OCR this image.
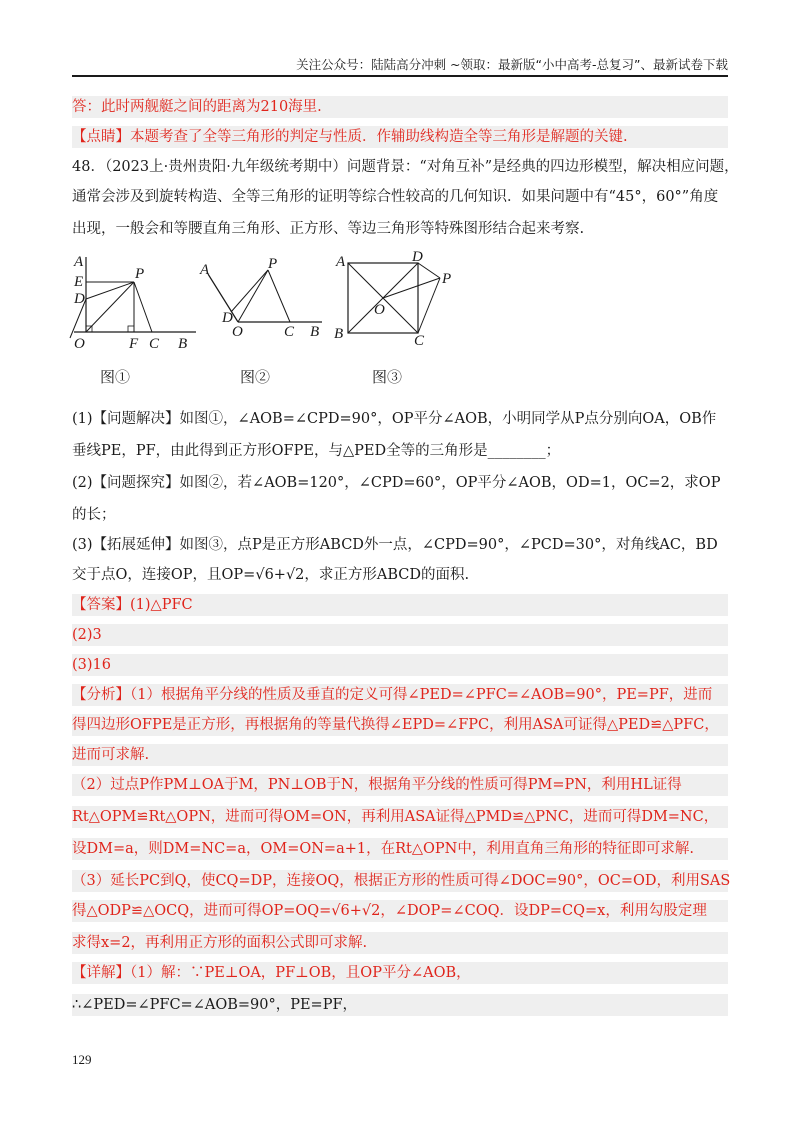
关注公众号：陆陆高分冲刺 ~领取：最新版“小中高考-总复习”、最新试卷下载
答：此时两舰艇之间的距离为210海里.
【点睛】本题考查了全等三角形的判定与性质．作辅助线构造全等三角形是解题的关键.
48．（2023上·贵州贵阳·九年级统考期中）问题背景：“对角互补”是经典的四边形模型，解决相应问题，
通常会涉及到旋转构造、全等三角形的证明等综合性较高的几何知识．如果问题中有“45°，60°”角度
出现，一般会和等腰直角三角形、正方形、等边三角形等特殊图形结合起来考察.
A
E
D
O	F C B
P
图①
A
D
O	C B
P
图②
A	D
P
O
B	C
图③
(1)【问题解决】如图①，∠AOB=∠CPD=90°，OP平分∠AOB，小明同学从P点分别向OA，OB作
垂线PE，PF，由此得到正方形OFPE，与△PED全等的三角形是________；
(2)【问题探究】如图②，若∠AOB=120°，∠CPD=60°，OP平分∠AOB，OD=1，OC=2，求OP
的长；
(3)【拓展延伸】如图③，点P是正方形ABCD外一点，∠CPD=90°，∠PCD=30°，对角线AC，BD
交于点O，连接OP，且OP=√6+√2，求正方形ABCD的面积.
【答案】(1)△PFC
(2)3
(3)16
【分析】（1）根据角平分线的性质及垂直的定义可得∠PED=∠PFC=∠AOB=90°，PE=PF，进而
得四边形OFPE是正方形，再根据角的等量代换得∠EPD=∠FPC，利用ASA可证得△PED≌△PFC，
进而可求解.
（2）过点P作PM⊥OA于M，PN⊥OB于N，根据角平分线的性质可得PM=PN，利用HL证得
Rt△OPM≌Rt△OPN，进而可得OM=ON，再利用ASA证得△PMD≌△PNC，进而可得DM=NC，
设DM=a，则DM=NC=a，OM=ON=a+1，在Rt△OPN中，利用直角三角形的特征即可求解.
（3）延长PC到Q，使CQ=DP，连接OQ，根据正方形的性质可得∠DOC=90°，OC=OD，利用SAS
得△ODP≌△OCQ，进而可得OP=OQ=√6+√2，∠DOP=∠COQ．设DP=CQ=x，利用勾股定理
求得x=2，再利用正方形的面积公式即可求解.
【详解】（1）解：∵PE⊥OA，PF⊥OB，且OP平分∠AOB，
∴∠PED=∠PFC=∠AOB=90°，PE=PF，
129
